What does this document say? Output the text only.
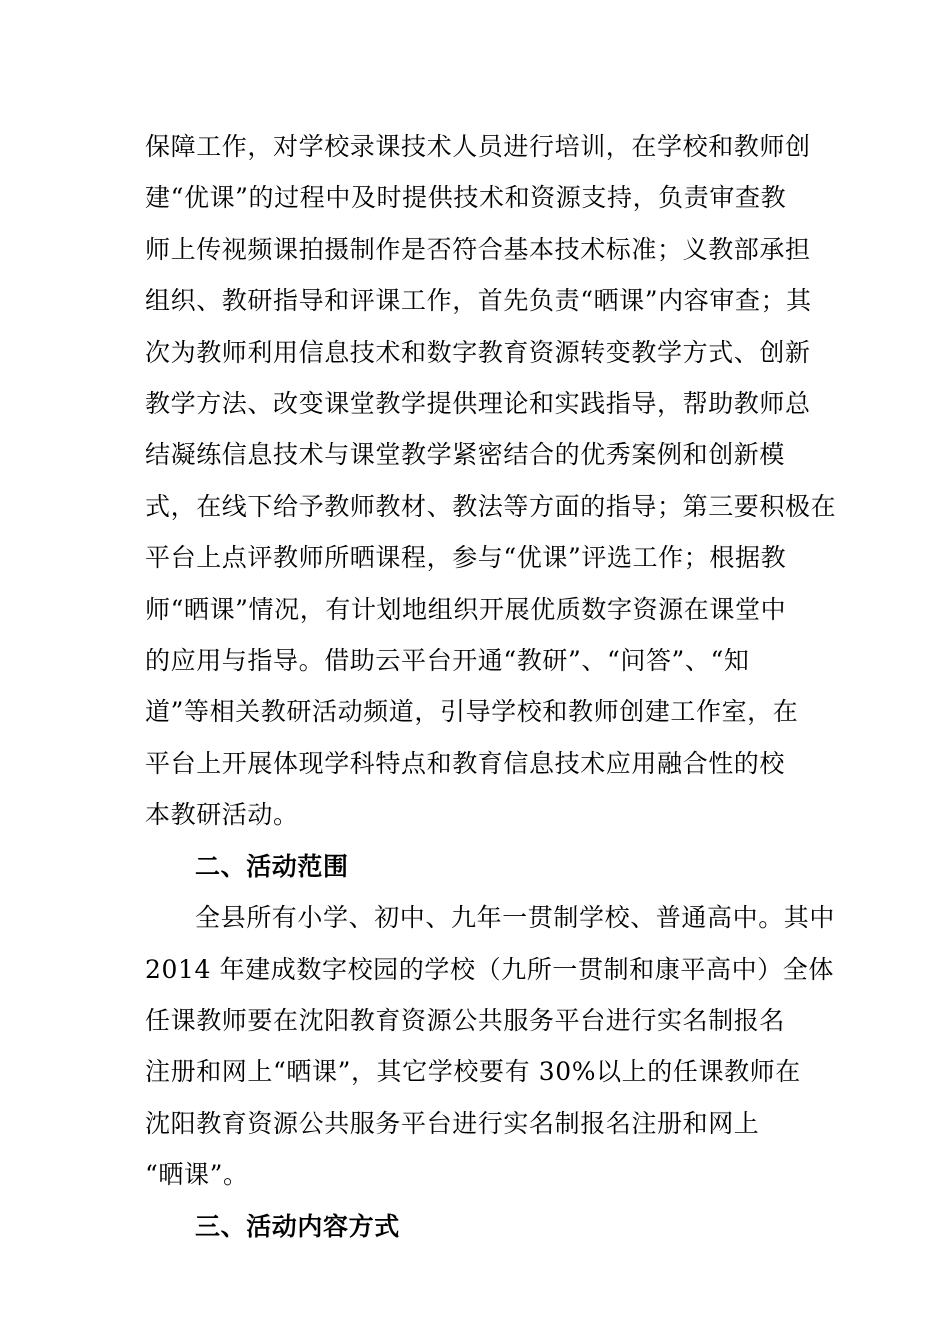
保障工作，对学校录课技术人员进行培训，在学校和教师创
建“优课”的过程中及时提供技术和资源支持，负责审查教
师上传视频课拍摄制作是否符合基本技术标准；义教部承担
组织、教研指导和评课工作，首先负责“晒课”内容审查；其
次为教师利用信息技术和数字教育资源转变教学方式、创新
教学方法、改变课堂教学提供理论和实践指导，帮助教师总
结凝练信息技术与课堂教学紧密结合的优秀案例和创新模
式，在线下给予教师教材、教法等方面的指导；第三要积极在
平台上点评教师所晒课程，参与“优课”评选工作；根据教
师“晒课”情况，有计划地组织开展优质数字资源在课堂中
的应用与指导。借助云平台开通“教研”、“问答”、“知
道”等相关教研活动频道，引导学校和教师创建工作室，在
平台上开展体现学科特点和教育信息技术应用融合性的校
本教研活动。
二、活动范围
全县所有小学、初中、九年一贯制学校、普通高中。其中
2014 年建成数字校园的学校（九所一贯制和康平高中）全体
任课教师要在沈阳教育资源公共服务平台进行实名制报名
注册和网上“晒课”，其它学校要有 30%以上的任课教师在
沈阳教育资源公共服务平台进行实名制报名注册和网上
“晒课”。
三、活动内容方式
